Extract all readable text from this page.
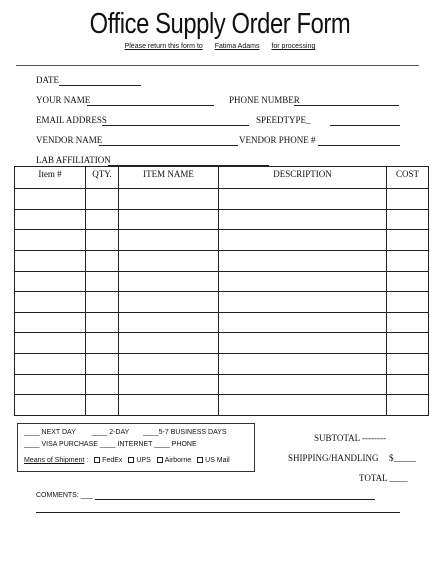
Office Supply Order Form
Please return this form to Fatima Adams for processing
DATE
YOUR NAME	PHONE NUMBER
EMAIL ADDRESS	SPEEDTYPE_
VENDOR NAME	VENDOR PHONE #
LAB AFFILIATION
Item #	QTY.	ITEM NAME	DESCRIPTION	COST

____ NEXT DAY ____ 2-DAY ____5-7 BUSINESS DAYS
____ VISA PURCHASE ____ INTERNET ____ PHONE
Means of Shipment : FedEx UPS Airborne US Mail
SUBTOTAL --------
SHIPPING/HANDLING $_____
TOTAL ____
COMMENTS: ___
